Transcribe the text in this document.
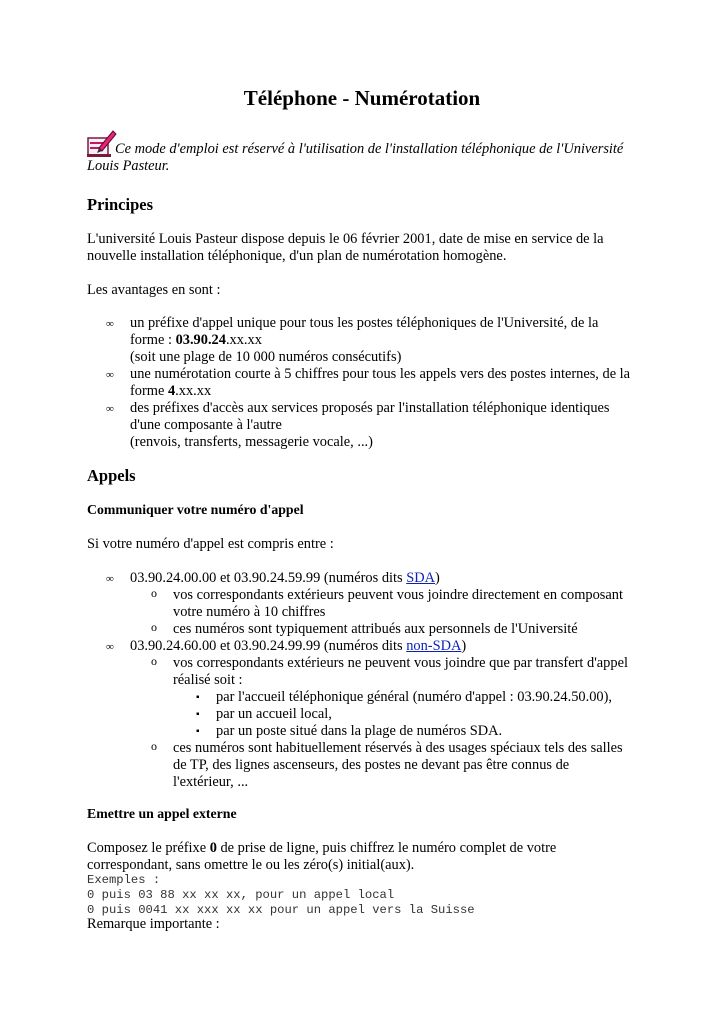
Téléphone - Numérotation
Ce mode d'emploi est réservé à l'utilisation de l'installation téléphonique de l'Université Louis Pasteur.
Principes
L'université Louis Pasteur dispose depuis le 06 février 2001, date de mise en service de la
nouvelle installation téléphonique, d'un plan de numérotation homogène.
Les avantages en sont :
∞ un préfixe d'appel unique pour tous les postes téléphoniques de l'Université, de la
forme : 03.90.24.xx.xx
(soit une plage de 10 000 numéros consécutifs)
∞ une numérotation courte à 5 chiffres pour tous les appels vers des postes internes, de la
forme 4.xx.xx
∞ des préfixes d'accès aux services proposés par l'installation téléphonique identiques
d'une composante à l'autre
(renvois, transferts, messagerie vocale, ...)
Appels
Communiquer votre numéro d'appel
Si votre numéro d'appel est compris entre :
∞ 03.90.24.00.00 et 03.90.24.59.99 (numéros dits SDA)
o vos correspondants extérieurs peuvent vous joindre directement en composant
votre numéro à 10 chiffres
o ces numéros sont typiquement attribués aux personnels de l'Université
∞ 03.90.24.60.00 et 03.90.24.99.99 (numéros dits non-SDA)
o vos correspondants extérieurs ne peuvent vous joindre que par transfert d'appel
réalisé soit :
▪ par l'accueil téléphonique général (numéro d'appel : 03.90.24.50.00),
▪ par un accueil local,
▪ par un poste situé dans la plage de numéros SDA.
o ces numéros sont habituellement réservés à des usages spéciaux tels des salles
de TP, des lignes ascenseurs, des postes ne devant pas être connus de
l'extérieur, ...
Emettre un appel externe
Composez le préfixe 0 de prise de ligne, puis chiffrez le numéro complet de votre
correspondant, sans omettre le ou les zéro(s) initial(aux).
Exemples :
0 puis 03 88 xx xx xx, pour un appel local
0 puis 0041 xx xxx xx xx pour un appel vers la Suisse
Remarque importante :
